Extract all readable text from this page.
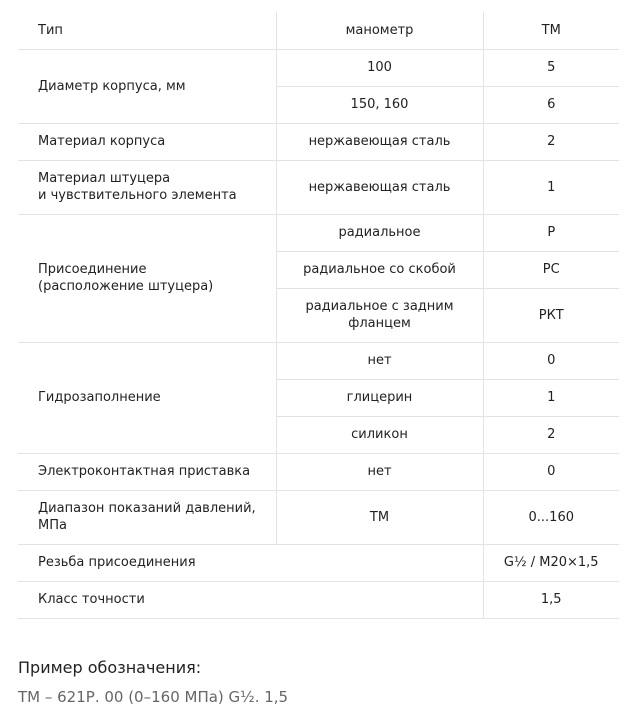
Тип	манометр	ТМ
Диаметр корпуса, мм	100	5
	150, 160	6
Материал корпуса	нержавеющая сталь	2
Материал штуцера
и чувствительного элемента	нержавеющая сталь	1
Присоединение
(расположение штуцера)	радиальное	Р
	радиальное со скобой	РС
	радиальное с задним
фланцем	РКТ
Гидрозаполнение	нет	0
	глицерин	1
	силикон	2
Электроконтактная приставка	нет	0
Диапазон показаний давлений,
МПа	ТМ	0...160
Резьба присоединения		G½ / M20×1,5
Класс точности		1,5

Пример обозначения:

ТМ – 621Р. 00 (0–160 МПа) G½. 1,5
